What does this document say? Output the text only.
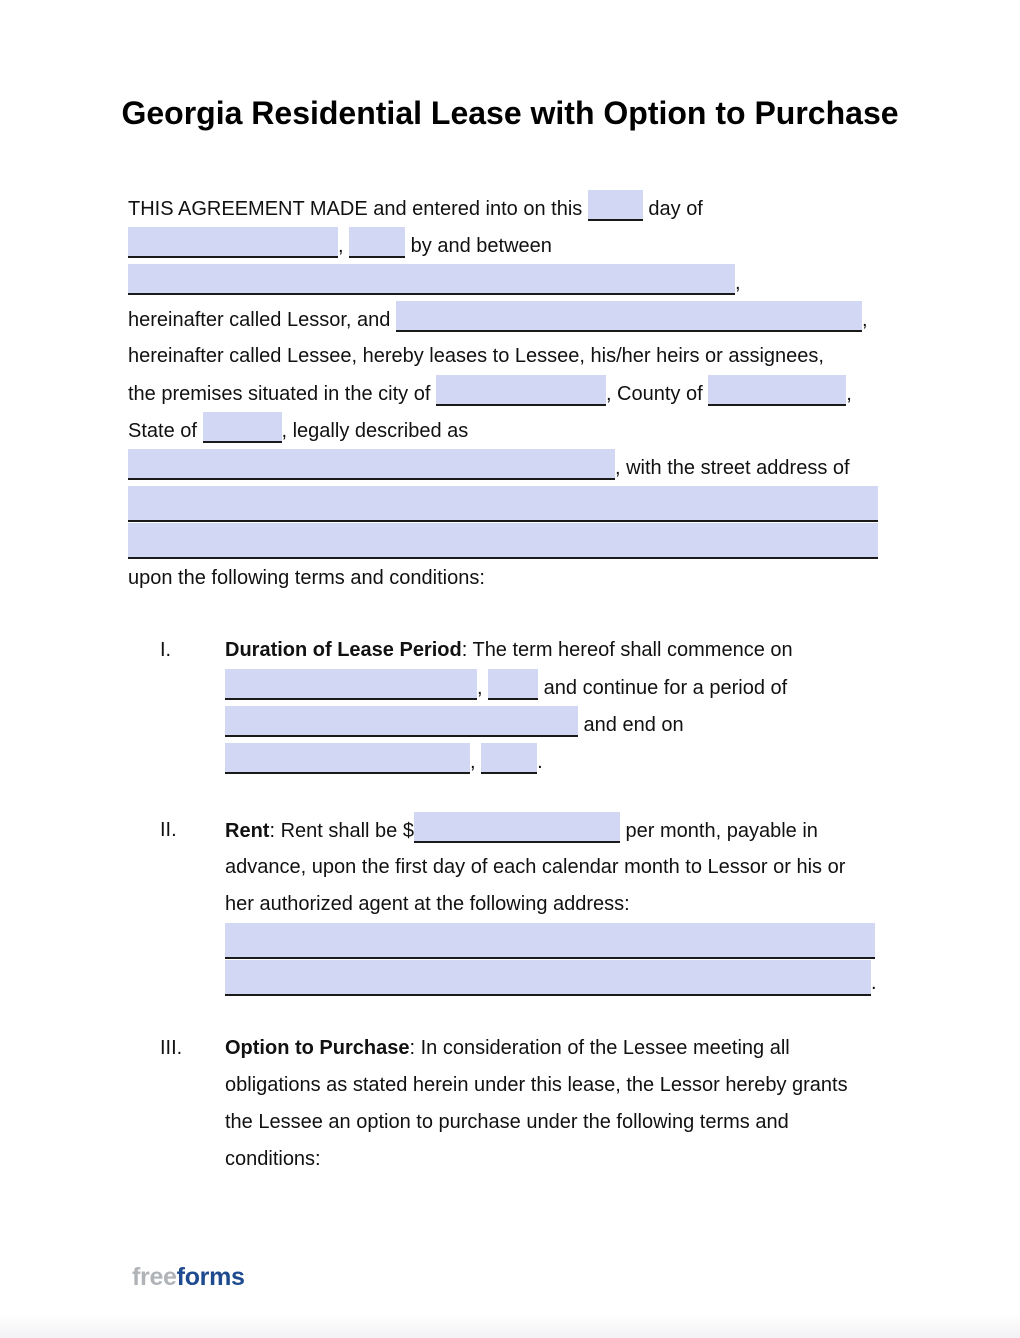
Georgia Residential Lease with Option to Purchase
THIS AGREEMENT MADE and entered into on this	day of
,	by and between
,
hereinafter called Lessor, and	,
hereinafter called Lessee, hereby leases to Lessee, his/her heirs or assignees,
the premises situated in the city of	, County of	,
State of	, legally described as
, with the street address of
upon the following terms and conditions:
I.	Duration of Lease Period: The term hereof shall commence on
,	and continue for a period of
and end on
,	.
II. Rent: Rent shall be $	per month, payable in
advance, upon the first day of each calendar month to Lessor or his or
her authorized agent at the following address:
.
III. Option to Purchase: In consideration of the Lessee meeting all
obligations as stated herein under this lease, the Lessor hereby grants
the Lessee an option to purchase under the following terms and
conditions:
freeforms
